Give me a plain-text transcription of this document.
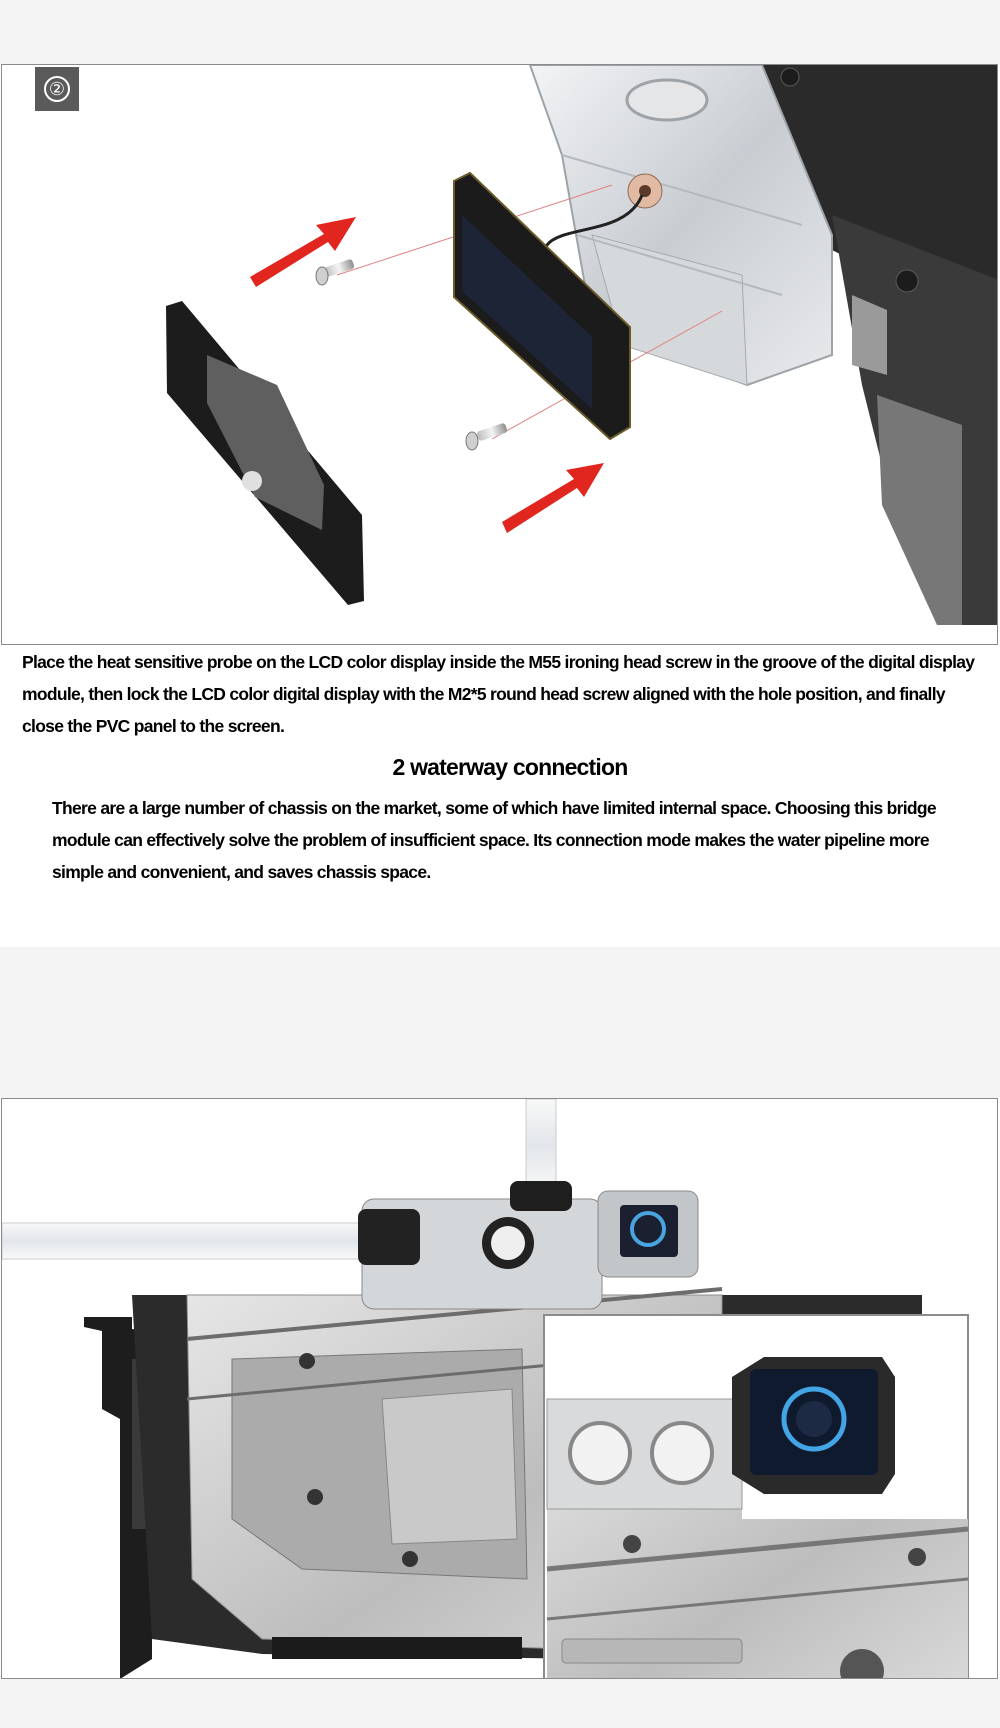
②
Place the heat sensitive probe on the LCD color display inside the M55 ironing head screw in the groove of the digital display module, then lock the LCD color digital display with the M2*5 round head screw aligned with the hole position, and finally close the PVC panel to the screen.
2 waterway connection
There are a large number of chassis on the market, some of which have limited internal space. Choosing this bridge module can effectively solve the problem of insufficient space. Its connection mode makes the water pipeline more simple and convenient, and saves chassis space.
